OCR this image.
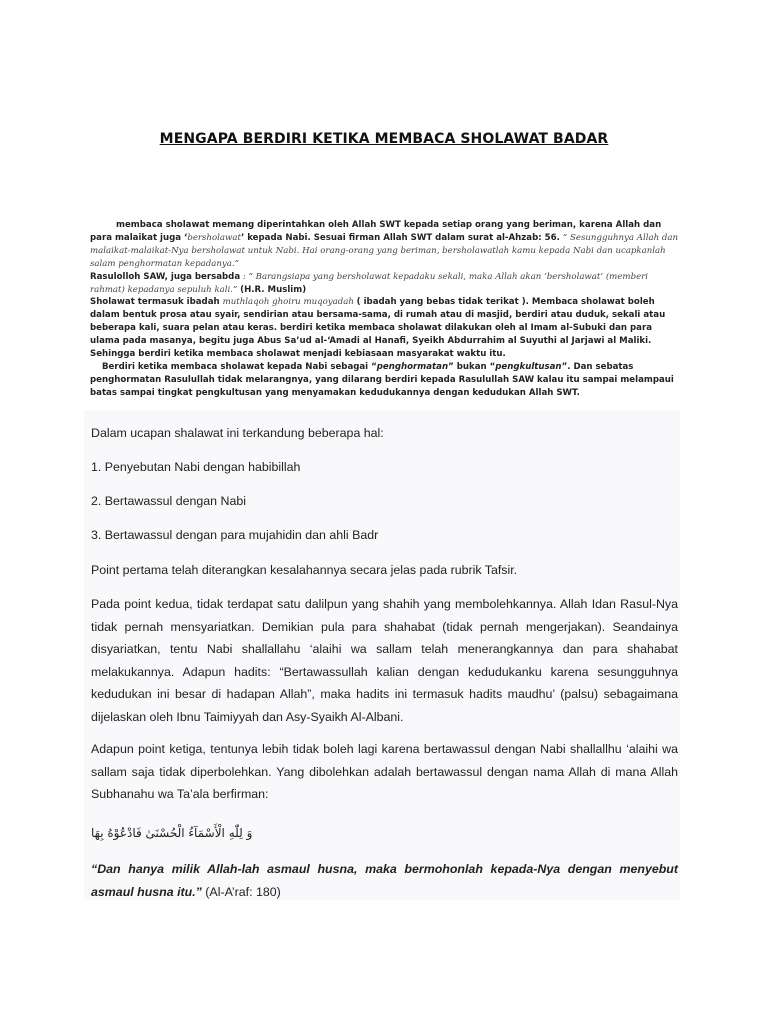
MENGAPA BERDIRI KETIKA MEMBACA SHOLAWAT BADAR

membaca sholawat memang diperintahkan oleh Allah SWT kepada setiap orang yang beriman, karena Allah dan para malaikat juga ‘bersholawat’ kepada Nabi. Sesuai firman Allah SWT dalam surat al-Ahzab: 56. “ Sesungguhnya Allah dan malaikat-malaikat-Nya bersholawat untuk Nabi. Hai orang-orang yang beriman, bersholawatlah kamu kepada Nabi dan ucapkanlah salam penghormatan kepadanya.”

Rasulolloh SAW, juga bersabda : “ Barangsiapa yang bersholawat kepadaku sekali, maka Allah akan ‘bersholawat’ (memberi rahmat) kepadanya sepuluh kali.” (H.R. Muslim)

Sholawat termasuk ibadah muthlaqoh ghoiru muqoyadah ( ibadah yang bebas tidak terikat ). Membaca sholawat boleh dalam bentuk prosa atau syair, sendirian atau bersama-sama, di rumah atau di masjid, berdiri atau duduk, sekali atau beberapa kali, suara pelan atau keras. berdiri ketika membaca sholawat dilakukan oleh al Imam al-Subuki dan para ulama pada masanya, begitu juga Abus Sa’ud al-‘Amadi al Hanafi, Syeikh Abdurrahim al Suyuthi al Jarjawi al Maliki. Sehingga berdiri ketika membaca sholawat menjadi kebiasaan masyarakat waktu itu.

Berdiri ketika membaca sholawat kepada Nabi sebagai “penghormatan” bukan “pengkultusan”. Dan sebatas penghormatan Rasulullah tidak melarangnya, yang dilarang berdiri kepada Rasulullah SAW kalau itu sampai melampaui batas sampai tingkat pengkultusan yang menyamakan kedudukannya dengan kedudukan Allah SWT.

Dalam ucapan shalawat ini terkandung beberapa hal:

1. Penyebutan Nabi dengan habibillah

2. Bertawassul dengan Nabi

3. Bertawassul dengan para mujahidin dan ahli Badr

Point pertama telah diterangkan kesalahannya secara jelas pada rubrik Tafsir.

Pada point kedua, tidak terdapat satu dalilpun yang shahih yang membolehkannya. Allah Idan Rasul-Nya tidak pernah mensyariatkan. Demikian pula para shahabat (tidak pernah mengerjakan). Seandainya disyariatkan, tentu Nabi shallallahu ‘alaihi wa sallam telah menerangkannya dan para shahabat melakukannya. Adapun hadits: “Bertawassullah kalian dengan kedudukanku karena sesungguhnya kedudukan ini besar di hadapan Allah”, maka hadits ini termasuk hadits maudhu’ (palsu) sebagaimana dijelaskan oleh Ibnu Taimiyyah dan Asy-Syaikh Al-Albani.

Adapun point ketiga, tentunya lebih tidak boleh lagi karena bertawassul dengan Nabi shallallhu ‘alaihi wa sallam saja tidak diperbolehkan. Yang dibolehkan adalah bertawassul dengan nama Allah di mana Allah Subhanahu wa Ta’ala berfirman:

وَ لِلّٰهِ الْأَسْمَآءُ الْحُسْنَىٰ فَادْعُوْهُ بِهَا

“Dan hanya milik Allah-lah asmaul husna, maka bermohonlah kepada-Nya dengan menyebut asmaul husna itu.” (Al-A’raf: 180)
